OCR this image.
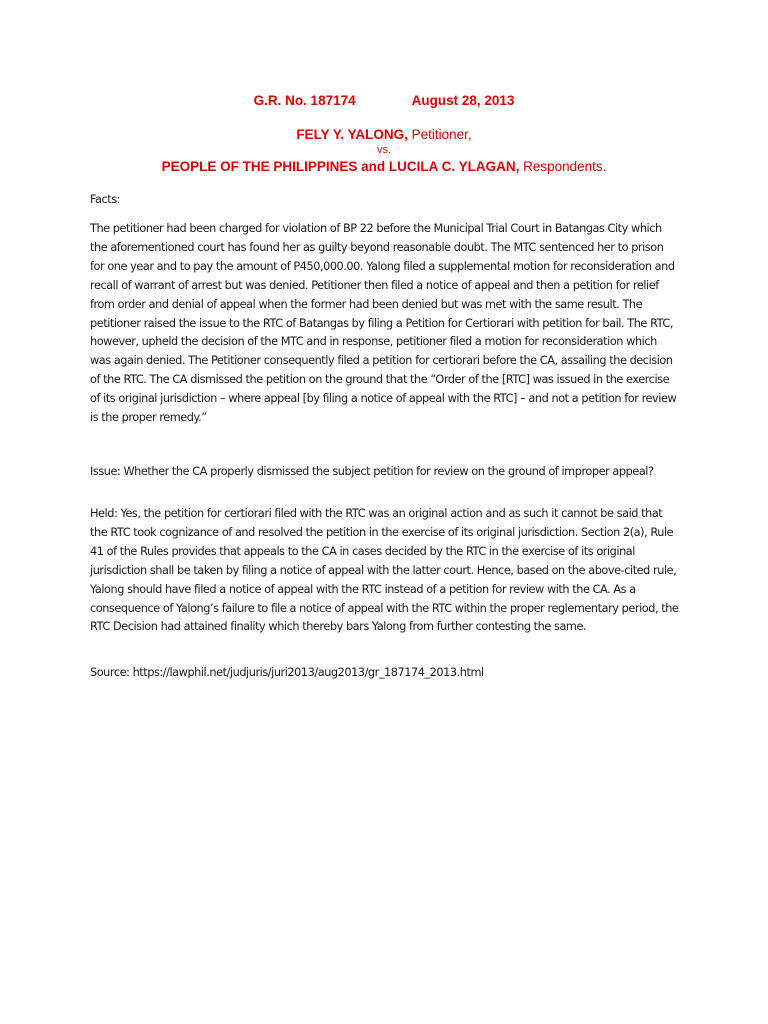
G.R. No. 187174	August 28, 2013
FELY Y. YALONG, Petitioner,
vs.
PEOPLE OF THE PHILIPPINES and LUCILA C. YLAGAN, Respondents.

Facts:

The petitioner had been charged for violation of BP 22 before the Municipal Trial Court in Batangas City which the aforementioned court has found her as guilty beyond reasonable doubt. The MTC sentenced her to prison for one year and to pay the amount of P450,000.00. Yalong filed a supplemental motion for reconsideration and recall of warrant of arrest but was denied. Petitioner then filed a notice of appeal and then a petition for relief from order and denial of appeal when the former had been denied but was met with the same result. The petitioner raised the issue to the RTC of Batangas by filing a Petition for Certiorari with petition for bail. The RTC, however, upheld the decision of the MTC and in response, petitioner filed a motion for reconsideration which was again denied. The Petitioner consequently filed a petition for certiorari before the CA, assailing the decision of the RTC. The CA dismissed the petition on the ground that the “Order of the [RTC] was issued in the exercise of its original jurisdiction – where appeal [by filing a notice of appeal with the RTC] – and not a petition for review is the proper remedy.”

Issue: Whether the CA properly dismissed the subject petition for review on the ground of improper appeal?

Held: Yes, the petition for certiorari filed with the RTC was an original action and as such it cannot be said that the RTC took cognizance of and resolved the petition in the exercise of its original jurisdiction. Section 2(a), Rule 41 of the Rules provides that appeals to the CA in cases decided by the RTC in the exercise of its original jurisdiction shall be taken by filing a notice of appeal with the latter court. Hence, based on the above-cited rule, Yalong should have filed a notice of appeal with the RTC instead of a petition for review with the CA. As a consequence of Yalong’s failure to file a notice of appeal with the RTC within the proper reglementary period, the RTC Decision had attained finality which thereby bars Yalong from further contesting the same.

Source: https://lawphil.net/judjuris/juri2013/aug2013/gr_187174_2013.html
